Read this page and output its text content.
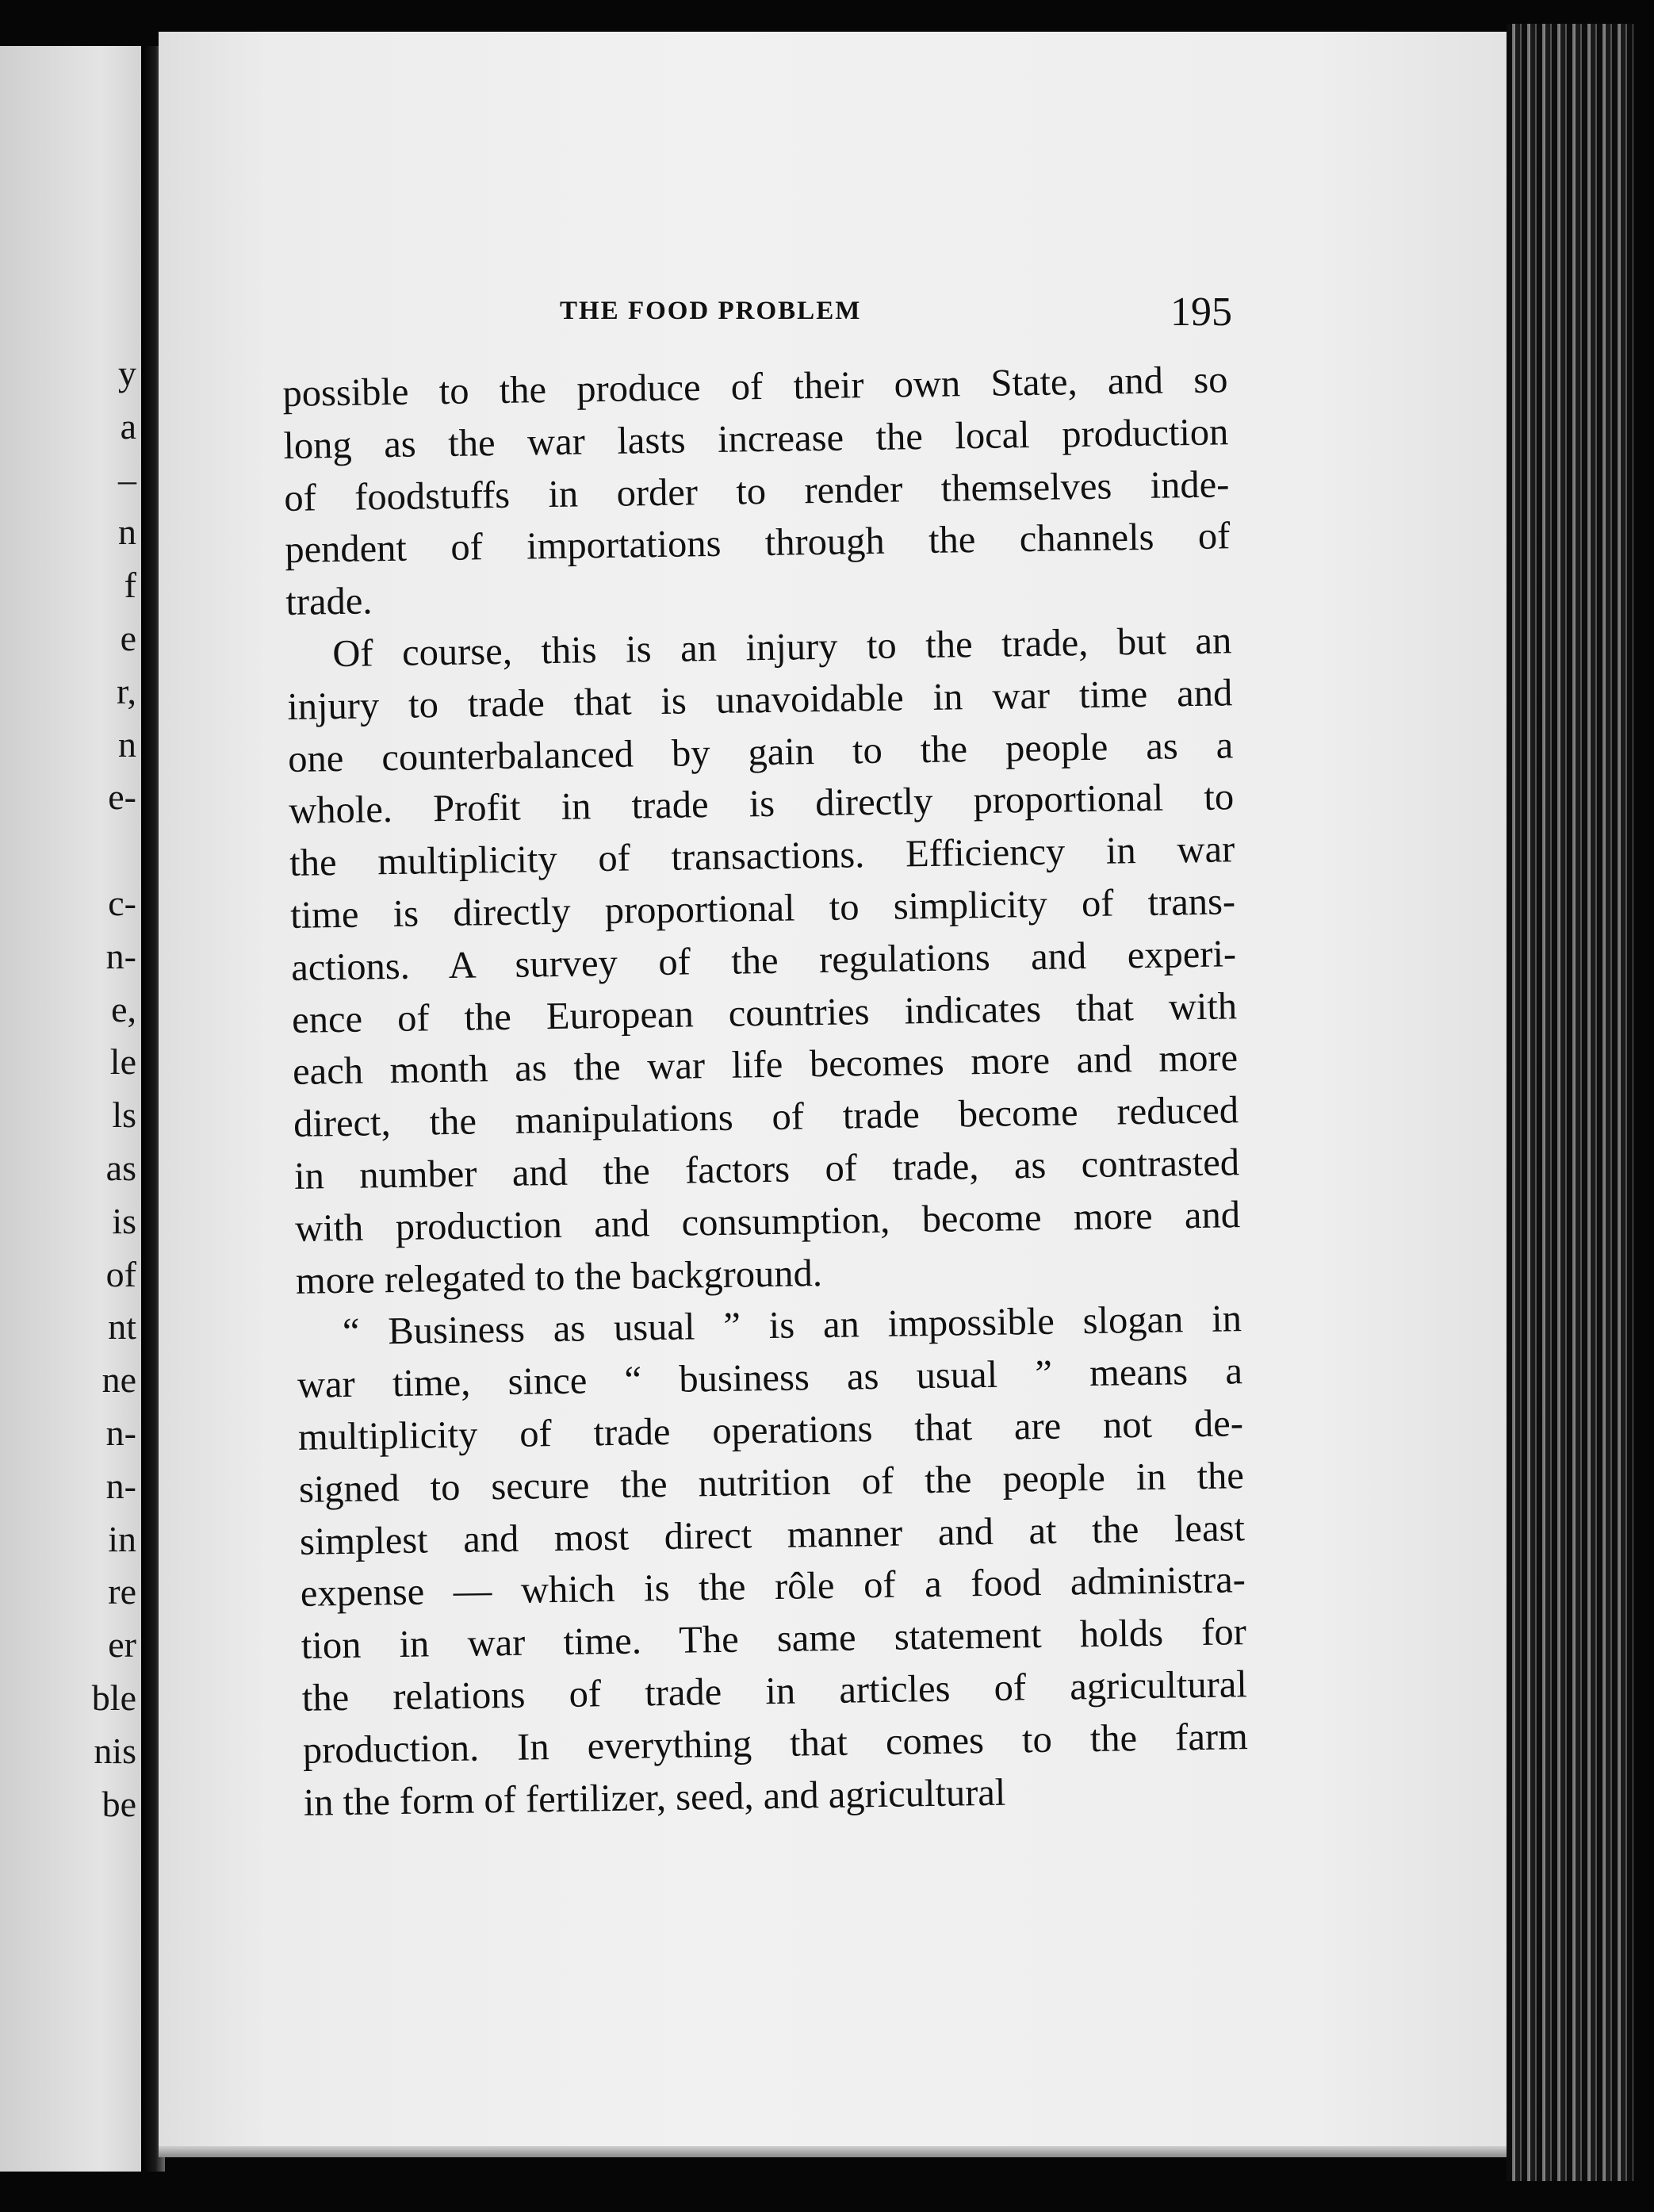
y
a
–
n
f
e
r,
n
e-
c-
n-
e,
le
ls
as
is
of
nt
ne
n-
n-
in
re
er
ble
nis
be
THE FOOD PROBLEM	195
possible to the produce of their own State, and so
long as the war lasts increase the local production
of foodstuffs in order to render themselves inde-
pendent of importations through the channels of
trade.
Of course, this is an injury to the trade, but an
injury to trade that is unavoidable in war time and
one counterbalanced by gain to the people as a
whole. Profit in trade is directly proportional to
the multiplicity of transactions. Efficiency in war
time is directly proportional to simplicity of trans-
actions. A survey of the regulations and experi-
ence of the European countries indicates that with
each month as the war life becomes more and more
direct, the manipulations of trade become reduced
in number and the factors of trade, as contrasted
with production and consumption, become more and
more relegated to the background.
“ Business as usual ” is an impossible slogan in
war time, since “ business as usual ” means a
multiplicity of trade operations that are not de-
signed to secure the nutrition of the people in the
simplest and most direct manner and at the least
expense — which is the rôle of a food administra-
tion in war time. The same statement holds for
the relations of trade in articles of agricultural
production. In everything that comes to the farm
in the form of fertilizer, seed, and agricultural
